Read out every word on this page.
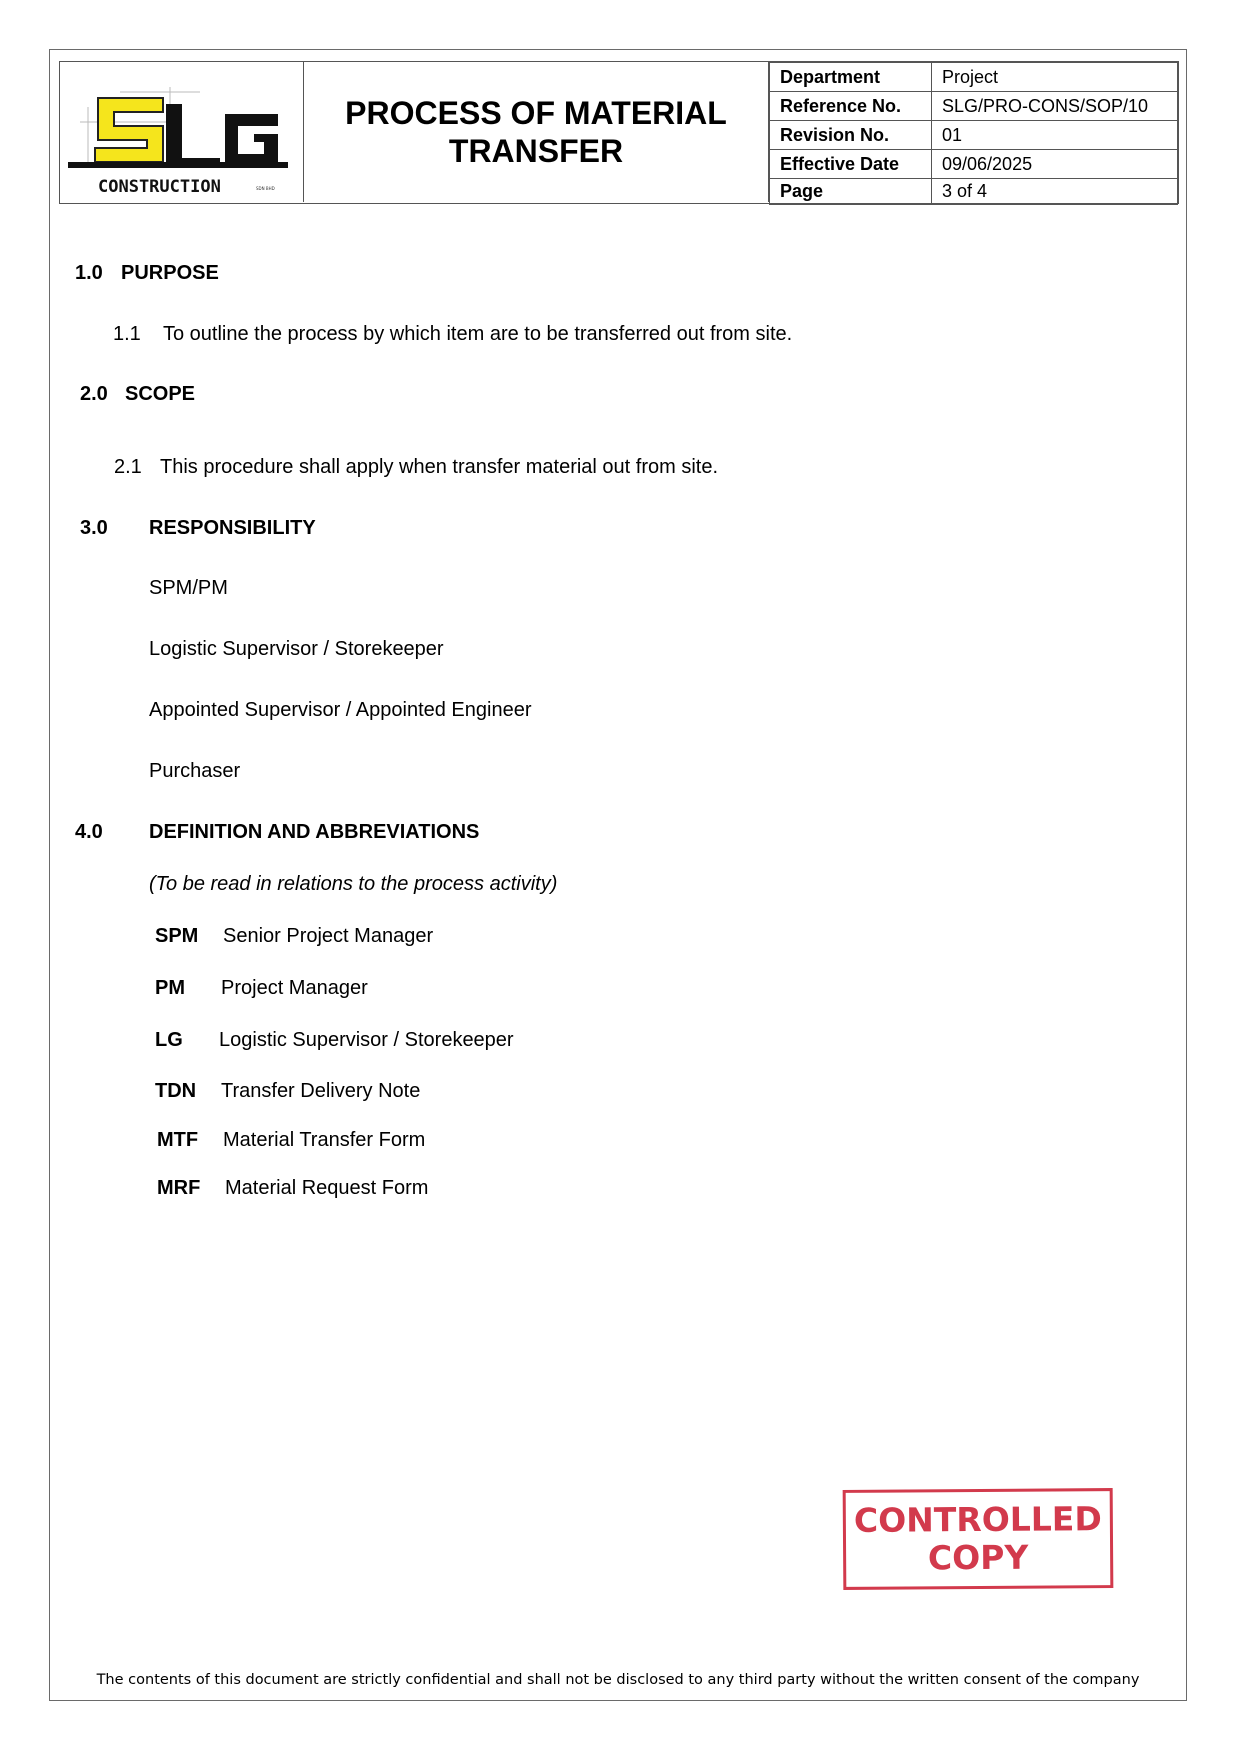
CONSTRUCTION	SDN BHD
PROCESS OF MATERIAL TRANSFER
Department	Project
Reference No.	SLG/PRO-CONS/SOP/10
Revision No.	01
Effective Date	09/06/2025
Page	3 of 4
1.0 PURPOSE
1.1 To outline the process by which item are to be transferred out from site.
2.0 SCOPE
2.1 This procedure shall apply when transfer material out from site.
3.0 RESPONSIBILITY
SPM/PM
Logistic Supervisor / Storekeeper
Appointed Supervisor / Appointed Engineer
Purchaser
4.0 DEFINITION AND ABBREVIATIONS
(To be read in relations to the process activity)
SPM Senior Project Manager
PM Project Manager
LG Logistic Supervisor / Storekeeper
TDN Transfer Delivery Note
MTF Material Transfer Form
MRF Material Request Form
CONTROLLED
COPY
The contents of this document are strictly confidential and shall not be disclosed to any third party without the written consent of the company
